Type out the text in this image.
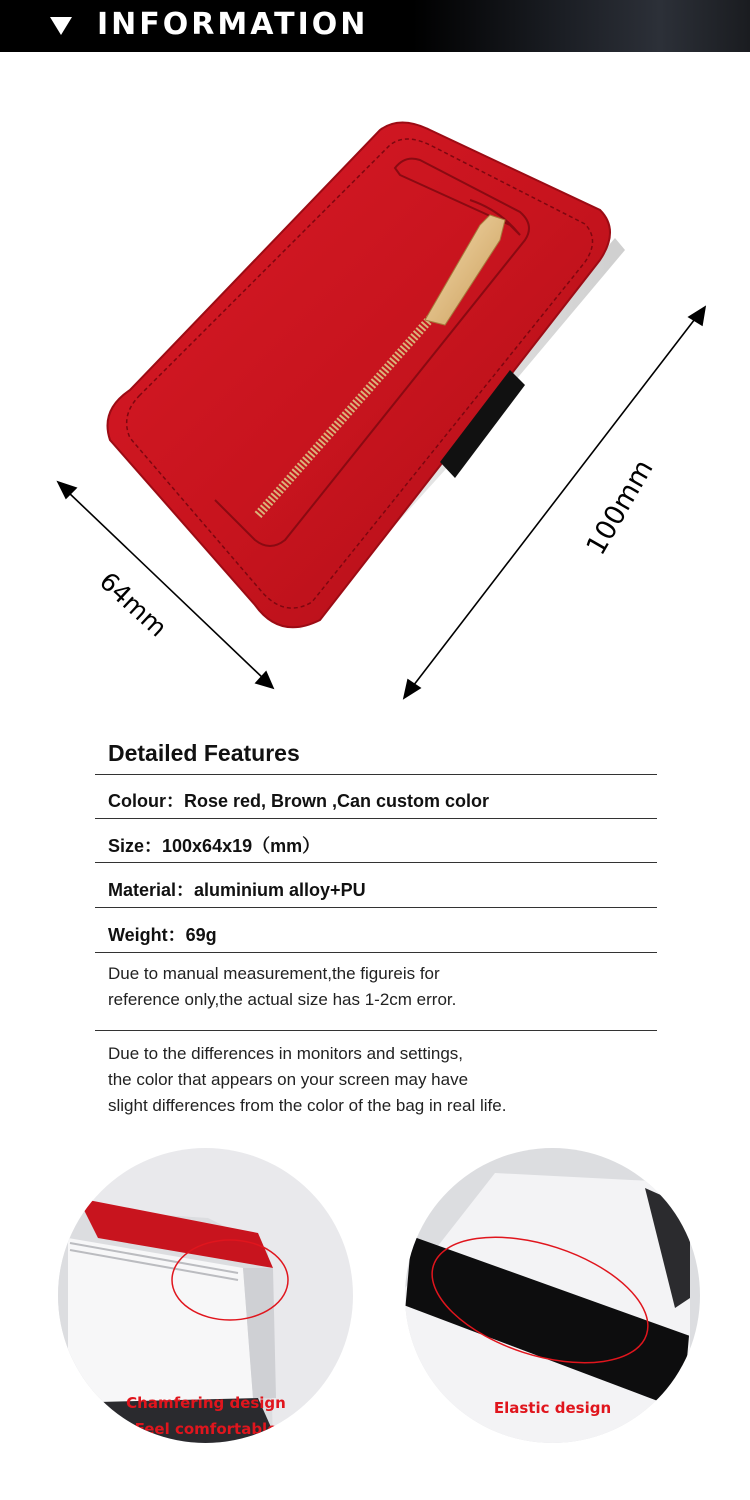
INFORMATION
100mm
64mm
Detailed Features
Colour：Rose red, Brown ,Can custom color
Size：100x64x19（mm）
Material：aluminium alloy+PU
Weight：69g
Due to manual measurement,the figureis for
reference only,the actual size has 1-2cm error.
Due to the differences in monitors and settings,
the color that appears on your screen may have
slight differences from the color of the bag in real life.
Chamfering design
Feel comfortable
Elastic design
